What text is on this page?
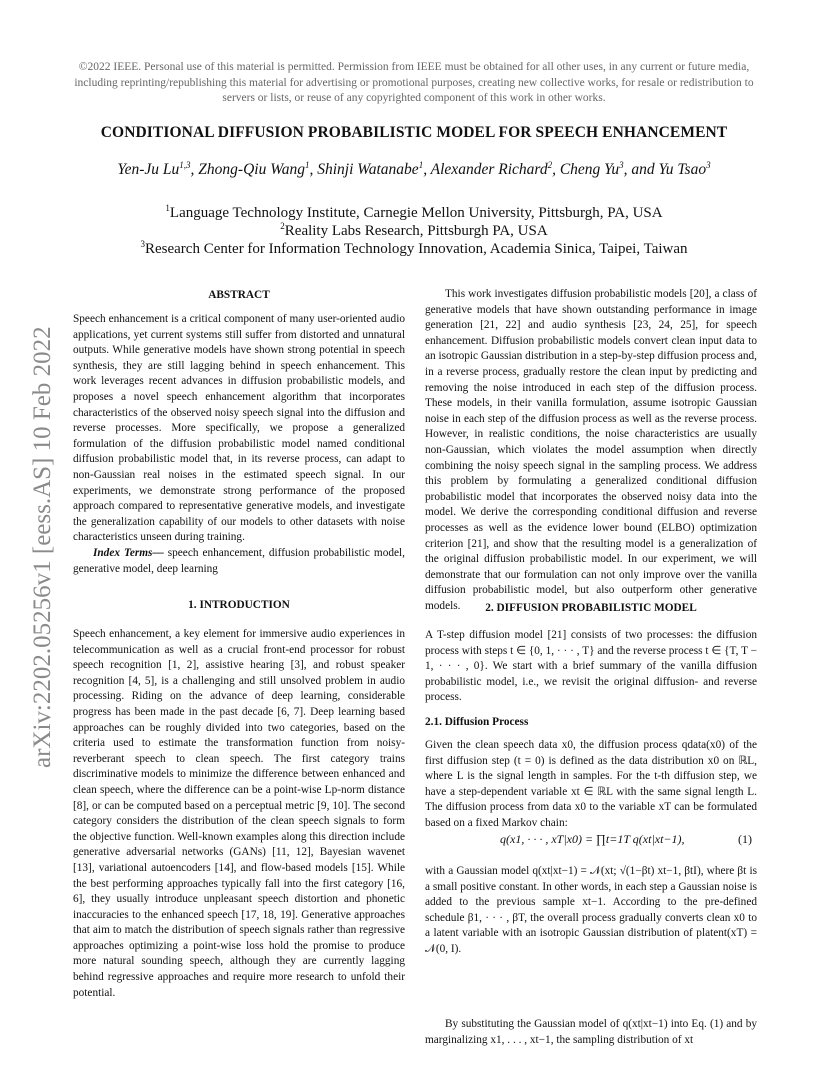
©2022 IEEE. Personal use of this material is permitted. Permission from IEEE must be obtained for all other uses, in any current or future media, including reprinting/republishing this material for advertising or promotional purposes, creating new collective works, for resale or redistribution to servers or lists, or reuse of any copyrighted component of this work in other works.
CONDITIONAL DIFFUSION PROBABILISTIC MODEL FOR SPEECH ENHANCEMENT
Yen-Ju Lu$^{1,3}$, Zhong-Qiu Wang$^1$, Shinji Watanabe$^1$, Alexander Richard$^2$, Cheng Yu$^3$, and Yu Tsao$^3$
$^1$Language Technology Institute, Carnegie Mellon University, Pittsburgh, PA, USA
$^2$Reality Labs Research, Pittsburgh PA, USA
$^3$Research Center for Information Technology Innovation, Academia Sinica, Taipei, Taiwan
arXiv:2202.05256v1 [eess.AS] 10 Feb 2022
ABSTRACT
Speech enhancement is a critical component of many user-oriented audio applications, yet current systems still suffer from distorted and unnatural outputs. While generative models have shown strong potential in speech synthesis, they are still lagging behind in speech enhancement. This work leverages recent advances in diffusion probabilistic models, and proposes a novel speech enhancement algorithm that incorporates characteristics of the observed noisy speech signal into the diffusion and reverse processes. More specifically, we propose a generalized formulation of the diffusion probabilistic model named conditional diffusion probabilistic model that, in its reverse process, can adapt to non-Gaussian real noises in the estimated speech signal. In our experiments, we demonstrate strong performance of the proposed approach compared to representative generative models, and investigate the generalization capability of our models to other datasets with noise characteristics unseen during training.
Index Terms— speech enhancement, diffusion probabilistic model, generative model, deep learning
1. INTRODUCTION
Speech enhancement, a key element for immersive audio experiences in telecommunication as well as a crucial front-end processor for robust speech recognition [1, 2], assistive hearing [3], and robust speaker recognition [4, 5], is a challenging and still unsolved problem in audio processing. Riding on the advance of deep learning, considerable progress has been made in the past decade [6, 7]. Deep learning based approaches can be roughly divided into two categories, based on the criteria used to estimate the transformation function from noisy-reverberant speech to clean speech. The first category trains discriminative models to minimize the difference between enhanced and clean speech, where the difference can be a point-wise Lp-norm distance [8], or can be computed based on a perceptual metric [9, 10]. The second category considers the distribution of the clean speech signals to form the objective function. Well-known examples along this direction include generative adversarial networks (GANs) [11, 12], Bayesian wavenet [13], variational autoencoders [14], and flow-based models [15]. While the best performing approaches typically fall into the first category [16, 6], they usually introduce unpleasant speech distortion and phonetic inaccuracies to the enhanced speech [17, 18, 19]. Generative approaches that aim to match the distribution of speech signals rather than regressive approaches optimizing a point-wise loss hold the promise to produce more natural sounding speech, although they are currently lagging behind regressive approaches and require more research to unfold their potential.
This work investigates diffusion probabilistic models [20], a class of generative models that have shown outstanding performance in image generation [21, 22] and audio synthesis [23, 24, 25], for speech enhancement. Diffusion probabilistic models convert clean input data to an isotropic Gaussian distribution in a step-by-step diffusion process and, in a reverse process, gradually restore the clean input by predicting and removing the noise introduced in each step of the diffusion process. These models, in their vanilla formulation, assume isotropic Gaussian noise in each step of the diffusion process as well as the reverse process. However, in realistic conditions, the noise characteristics are usually non-Gaussian, which violates the model assumption when directly combining the noisy speech signal in the sampling process. We address this problem by formulating a generalized conditional diffusion probabilistic model that incorporates the observed noisy data into the model. We derive the corresponding conditional diffusion and reverse processes as well as the evidence lower bound (ELBO) optimization criterion [21], and show that the resulting model is a generalization of the original diffusion probabilistic model. In our experiment, we will demonstrate that our formulation can not only improve over the vanilla diffusion probabilistic model, but also outperform other generative models.	2. DIFFUSION PROBABILISTIC MODEL
A T-step diffusion model [21] consists of two processes: the diffusion process with steps t ∈ {0, 1, · · · , T} and the reverse process t ∈ {T, T − 1, · · · , 0}. We start with a brief summary of the vanilla diffusion probabilistic model, i.e., we revisit the original diffusion- and reverse process.
2.1. Diffusion Process
Given the clean speech data x0, the diffusion process qdata(x0) of the first diffusion step (t = 0) is defined as the data distribution x0 on ℝL, where L is the signal length in samples. For the t-th diffusion step, we have a step-dependent variable xt ∈ ℝL with the same signal length L. The diffusion process from data x0 to the variable xT can be formulated based on a fixed Markov chain:
q(x1, · · · , xT|x0) = ∏t=1T q(xt|xt−1),	(1)
with a Gaussian model q(xt|xt−1) = 𝒩(xt; √(1−βt) xt−1, βtI), where βt is a small positive constant. In other words, in each step a Gaussian noise is added to the previous sample xt−1. According to the pre-defined schedule β1, · · · , βT, the overall process gradually converts clean x0 to a latent variable with an isotropic Gaussian distribution of platent(xT) = 𝒩(0, I).
By substituting the Gaussian model of q(xt|xt−1) into Eq. (1) and by marginalizing x1, . . . , xt−1, the sampling distribution of xt
